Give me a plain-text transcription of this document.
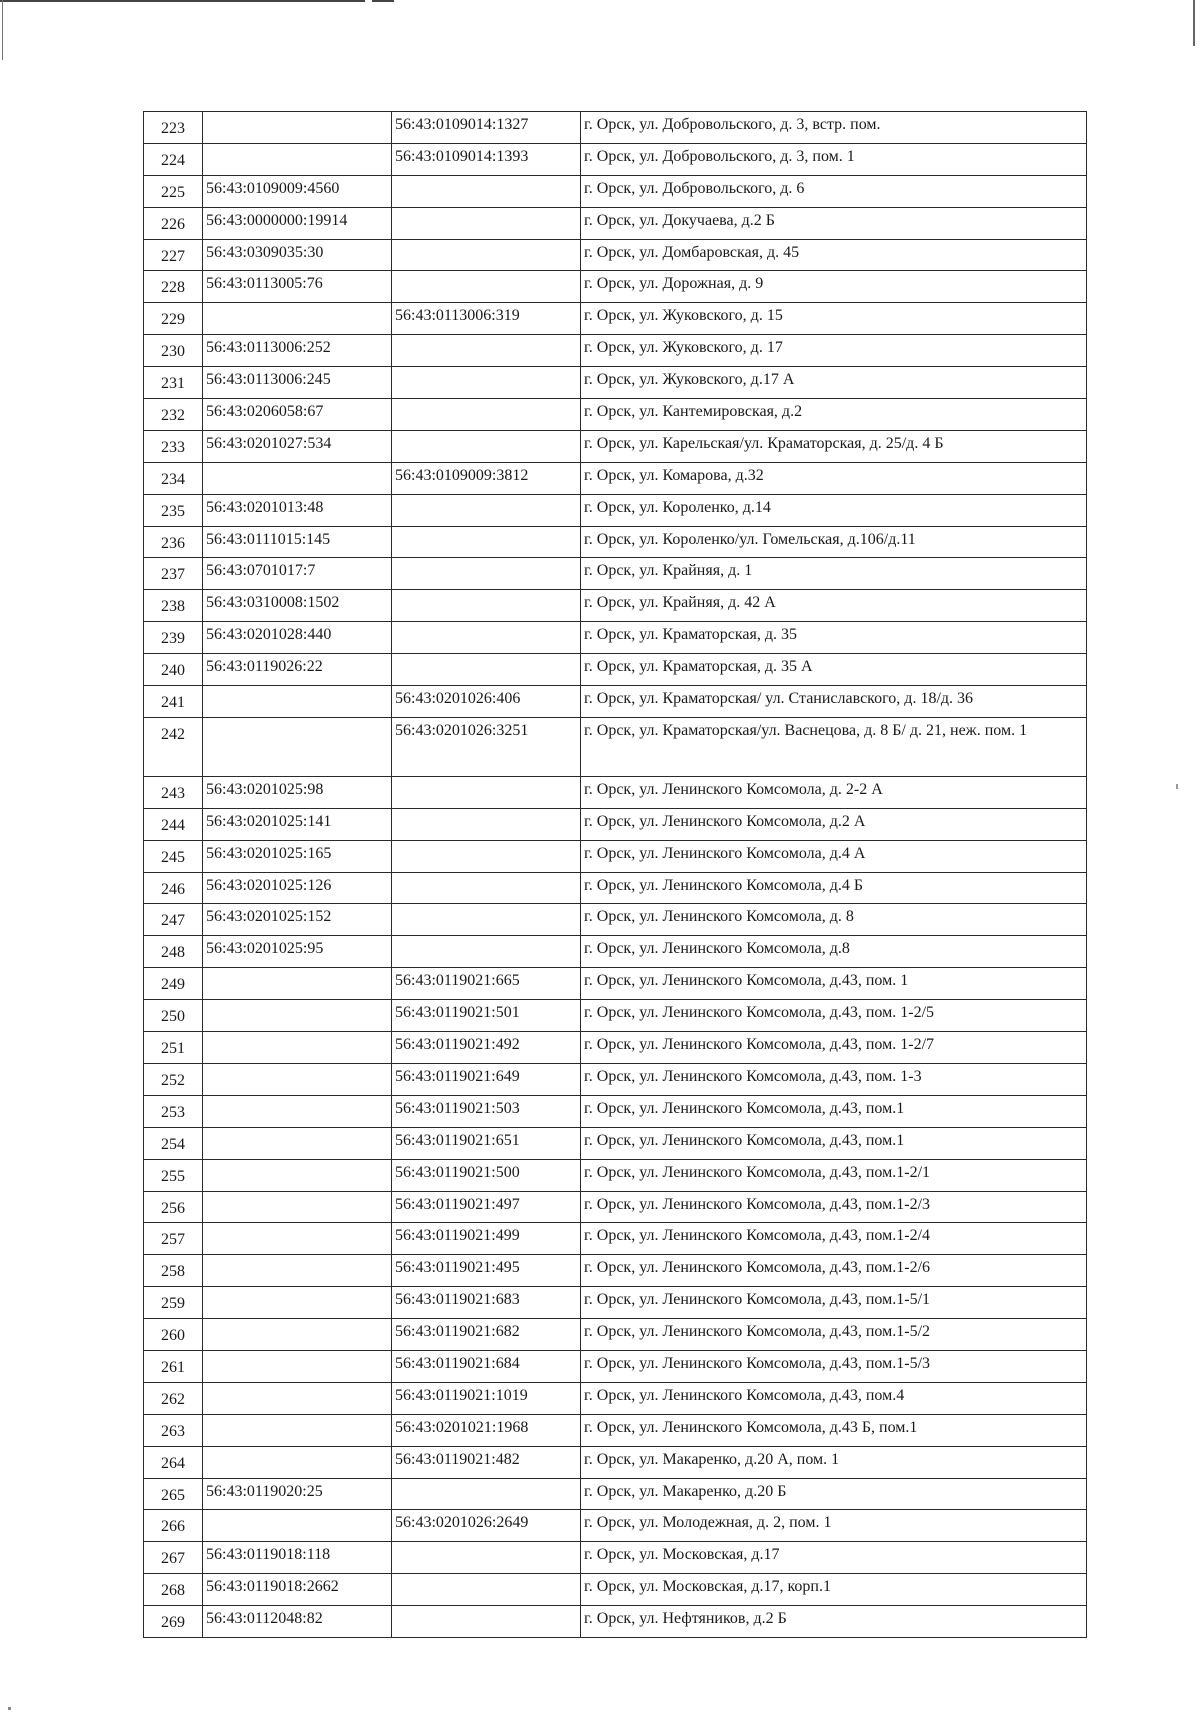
223		56:43:0109014:1327	г. Орск, ул. Добровольского, д. 3, встр. пом.
224		56:43:0109014:1393	г. Орск, ул. Добровольского, д. 3, пом. 1
225	56:43:0109009:4560		г. Орск, ул. Добровольского, д. 6
226	56:43:0000000:19914		г. Орск, ул. Докучаева, д.2 Б
227	56:43:0309035:30		г. Орск, ул. Домбаровская, д. 45
228	56:43:0113005:76		г. Орск, ул. Дорожная, д. 9
229		56:43:0113006:319	г. Орск, ул. Жуковского, д. 15
230	56:43:0113006:252		г. Орск, ул. Жуковского, д. 17
231	56:43:0113006:245		г. Орск, ул. Жуковского, д.17 А
232	56:43:0206058:67		г. Орск, ул. Кантемировская, д.2
233	56:43:0201027:534		г. Орск, ул. Карельская/ул. Краматорская, д. 25/д. 4 Б
234		56:43:0109009:3812	г. Орск, ул. Комарова, д.32
235	56:43:0201013:48		г. Орск, ул. Короленко, д.14
236	56:43:0111015:145		г. Орск, ул. Короленко/ул. Гомельская, д.106/д.11
237	56:43:0701017:7		г. Орск, ул. Крайняя, д. 1
238	56:43:0310008:1502		г. Орск, ул. Крайняя, д. 42 А
239	56:43:0201028:440		г. Орск, ул. Краматорская, д. 35
240	56:43:0119026:22		г. Орск, ул. Краматорская, д. 35 А
241		56:43:0201026:406	г. Орск, ул. Краматорская/ ул. Станиславского, д. 18/д. 36
242		56:43:0201026:3251	г. Орск, ул. Краматорская/ул. Васнецова, д. 8 Б/ д. 21, неж. пом. 1
243	56:43:0201025:98		г. Орск, ул. Ленинского Комсомола, д. 2-2 А
244	56:43:0201025:141		г. Орск, ул. Ленинского Комсомола, д.2 А
245	56:43:0201025:165		г. Орск, ул. Ленинского Комсомола, д.4 А
246	56:43:0201025:126		г. Орск, ул. Ленинского Комсомола, д.4 Б
247	56:43:0201025:152		г. Орск, ул. Ленинского Комсомола, д. 8
248	56:43:0201025:95		г. Орск, ул. Ленинского Комсомола, д.8
249		56:43:0119021:665	г. Орск, ул. Ленинского Комсомола, д.43, пом. 1
250		56:43:0119021:501	г. Орск, ул. Ленинского Комсомола, д.43, пом. 1-2/5
251		56:43:0119021:492	г. Орск, ул. Ленинского Комсомола, д.43, пом. 1-2/7
252		56:43:0119021:649	г. Орск, ул. Ленинского Комсомола, д.43, пом. 1-3
253		56:43:0119021:503	г. Орск, ул. Ленинского Комсомола, д.43, пом.1
254		56:43:0119021:651	г. Орск, ул. Ленинского Комсомола, д.43, пом.1
255		56:43:0119021:500	г. Орск, ул. Ленинского Комсомола, д.43, пом.1-2/1
256		56:43:0119021:497	г. Орск, ул. Ленинского Комсомола, д.43, пом.1-2/3
257		56:43:0119021:499	г. Орск, ул. Ленинского Комсомола, д.43, пом.1-2/4
258		56:43:0119021:495	г. Орск, ул. Ленинского Комсомола, д.43, пом.1-2/6
259		56:43:0119021:683	г. Орск, ул. Ленинского Комсомола, д.43, пом.1-5/1
260		56:43:0119021:682	г. Орск, ул. Ленинского Комсомола, д.43, пом.1-5/2
261		56:43:0119021:684	г. Орск, ул. Ленинского Комсомола, д.43, пом.1-5/3
262		56:43:0119021:1019	г. Орск, ул. Ленинского Комсомола, д.43, пом.4
263		56:43:0201021:1968	г. Орск, ул. Ленинского Комсомола, д.43 Б, пом.1
264		56:43:0119021:482	г. Орск, ул. Макаренко, д.20 А, пом. 1
265	56:43:0119020:25		г. Орск, ул. Макаренко, д.20 Б
266		56:43:0201026:2649	г. Орск, ул. Молодежная, д. 2, пом. 1
267	56:43:0119018:118		г. Орск, ул. Московская, д.17
268	56:43:0119018:2662		г. Орск, ул. Московская, д.17, корп.1
269	56:43:0112048:82		г. Орск, ул. Нефтяников, д.2 Б
